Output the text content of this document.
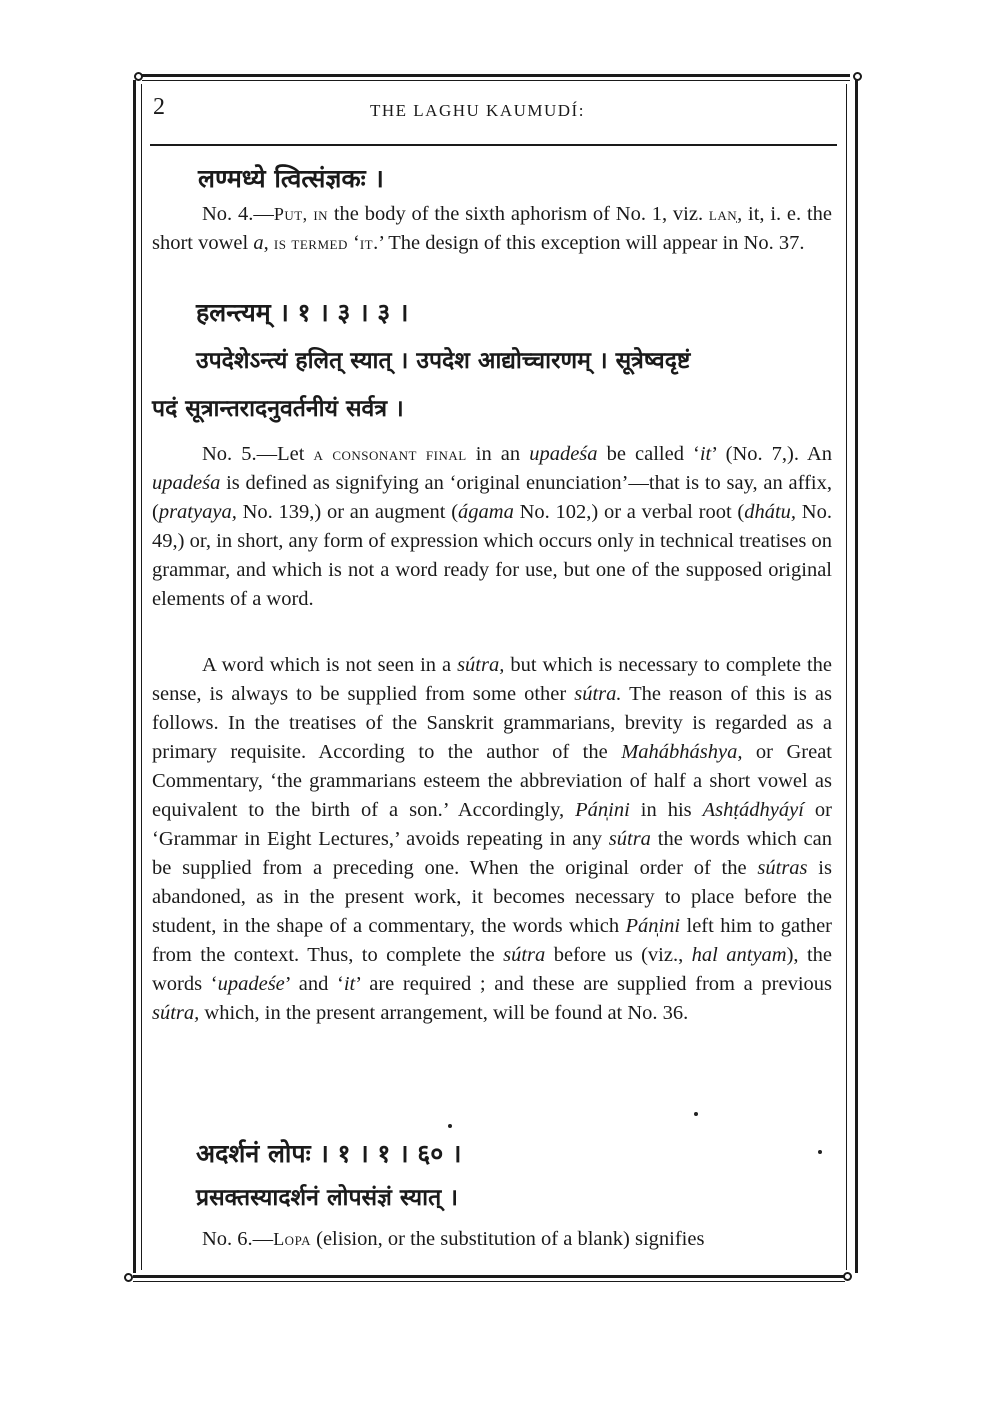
2	THE LAGHU KAUMUDÍ:

लण्मध्ये त्वित्संज्ञकः ।

No. 4.—Put, in the body of the sixth aphorism of No. 1, viz. lan̩, it, i. e. the short vowel a, is termed ‘it.’ The design of this exception will appear in No. 37.

हलन्त्यम् । १ । ३ । ३ ।

उपदेशेऽन्त्यं हलित् स्यात् । उपदेश आद्योच्चारणम् । सूत्रेष्वदृष्टं

पदं सूत्रान्तरादनुवर्तनीयं सर्वत्र ।

No. 5.—Let a consonant final in an upadeśa be called ‘it’ (No. 7,). An upadeśa is defined as signifying an ‘original enunciation’—that is to say, an affix, (pratyaya, No. 139,) or an augment (ágama No. 102,) or a verbal root (dhátu, No. 49,) or, in short, any form of expression which occurs only in technical treatises on grammar, and which is not a word ready for use, but one of the supposed original elements of a word.

A word which is not seen in a sútra, but which is necessary to complete the sense, is always to be supplied from some other sútra. The reason of this is as follows. In the treatises of the Sanskrit grammarians, brevity is regarded as a primary requisite. According to the author of the Mahábháshya, or Great Commentary, ‘the grammarians esteem the abbreviation of half a short vowel as equivalent to the birth of a son.’ Accordingly, Pán̩ini in his Ashṭádhyáyí or ‘Grammar in Eight Lectures,’ avoids repeating in any sútra the words which can be supplied from a preceding one. When the original order of the sútras is abandoned, as in the present work, it becomes necessary to place before the student, in the shape of a commentary, the words which Pán̩ini left him to gather from the context. Thus, to complete the sútra before us (viz., hal antyam), the words ‘upadeśe’ and ‘it’ are required ; and these are supplied from a previous sútra, which, in the present arrangement, will be found at No. 36.

अदर्शनं लोपः । १ । १ । ६० ।

प्रसक्तस्यादर्शनं लोपसंज्ञं स्यात् ।

No. 6.—Lopa (elision, or the substitution of a blank) signifies
